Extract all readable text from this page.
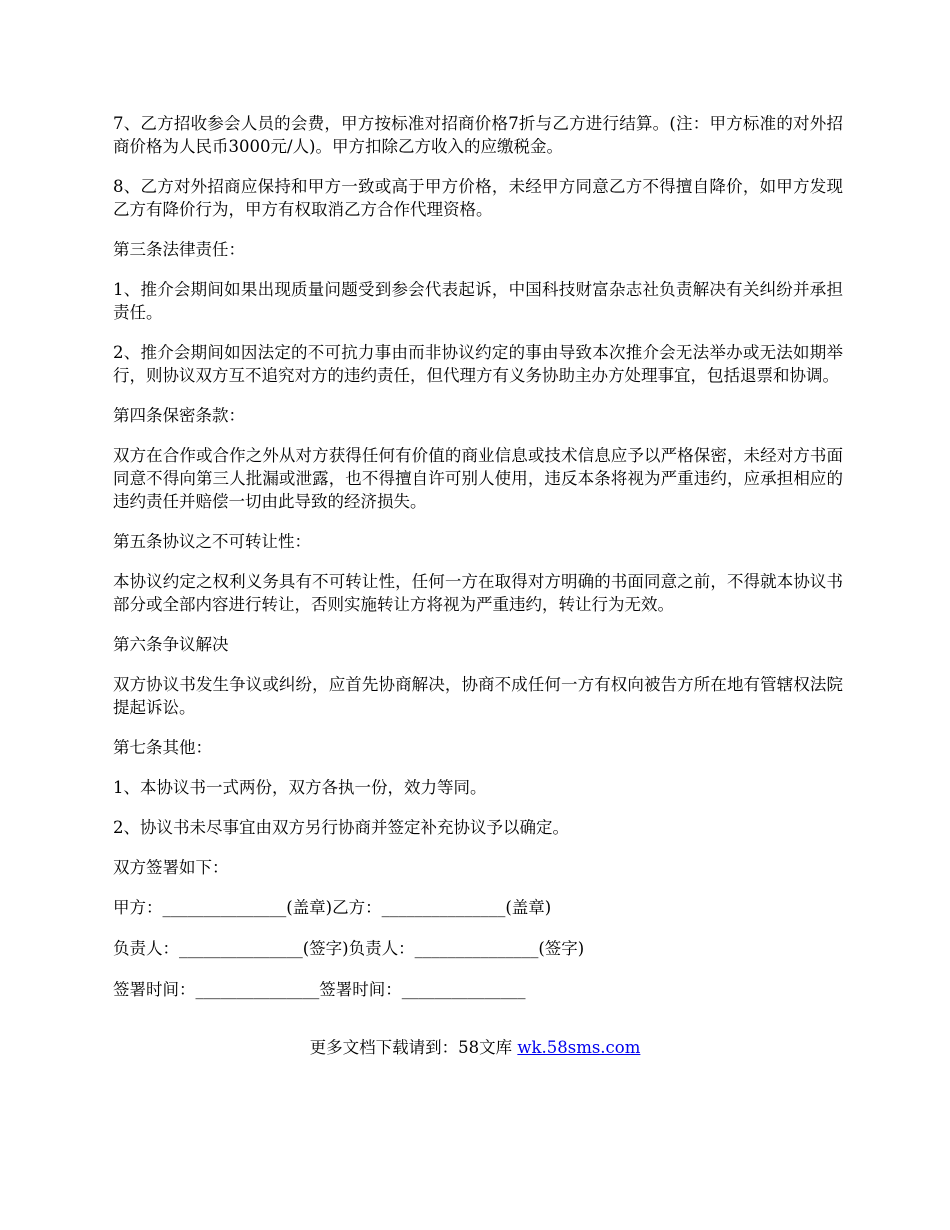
7、乙方招收参会人员的会费，甲方按标准对招商价格7折与乙方进行结算。(注：甲方标准的对外招商价格为人民币3000元/人)。甲方扣除乙方收入的应缴税金。

8、乙方对外招商应保持和甲方一致或高于甲方价格，未经甲方同意乙方不得擅自降价，如甲方发现乙方有降价行为，甲方有权取消乙方合作代理资格。

第三条法律责任：

1、推介会期间如果出现质量问题受到参会代表起诉，中国科技财富杂志社负责解决有关纠纷并承担责任。

2、推介会期间如因法定的不可抗力事由而非协议约定的事由导致本次推介会无法举办或无法如期举行，则协议双方互不追究对方的违约责任，但代理方有义务协助主办方处理事宜，包括退票和协调。

第四条保密条款：

双方在合作或合作之外从对方获得任何有价值的商业信息或技术信息应予以严格保密，未经对方书面同意不得向第三人批漏或泄露，也不得擅自许可别人使用，违反本条将视为严重违约，应承担相应的违约责任并赔偿一切由此导致的经济损失。

第五条协议之不可转让性：

本协议约定之权利义务具有不可转让性，任何一方在取得对方明确的书面同意之前，不得就本协议书部分或全部内容进行转让，否则实施转让方将视为严重违约，转让行为无效。

第六条争议解决

双方协议书发生争议或纠纷，应首先协商解决，协商不成任何一方有权向被告方所在地有管辖权法院提起诉讼。

第七条其他：

1、本协议书一式两份，双方各执一份，效力等同。

2、协议书未尽事宜由双方另行协商并签定补充协议予以确定。

双方签署如下：

甲方：_______________(盖章)乙方：_______________(盖章)

负责人：_______________(签字)负责人：_______________(签字)

签署时间：_______________签署时间：_______________

更多文档下载请到：58文库 wk.58sms.com
